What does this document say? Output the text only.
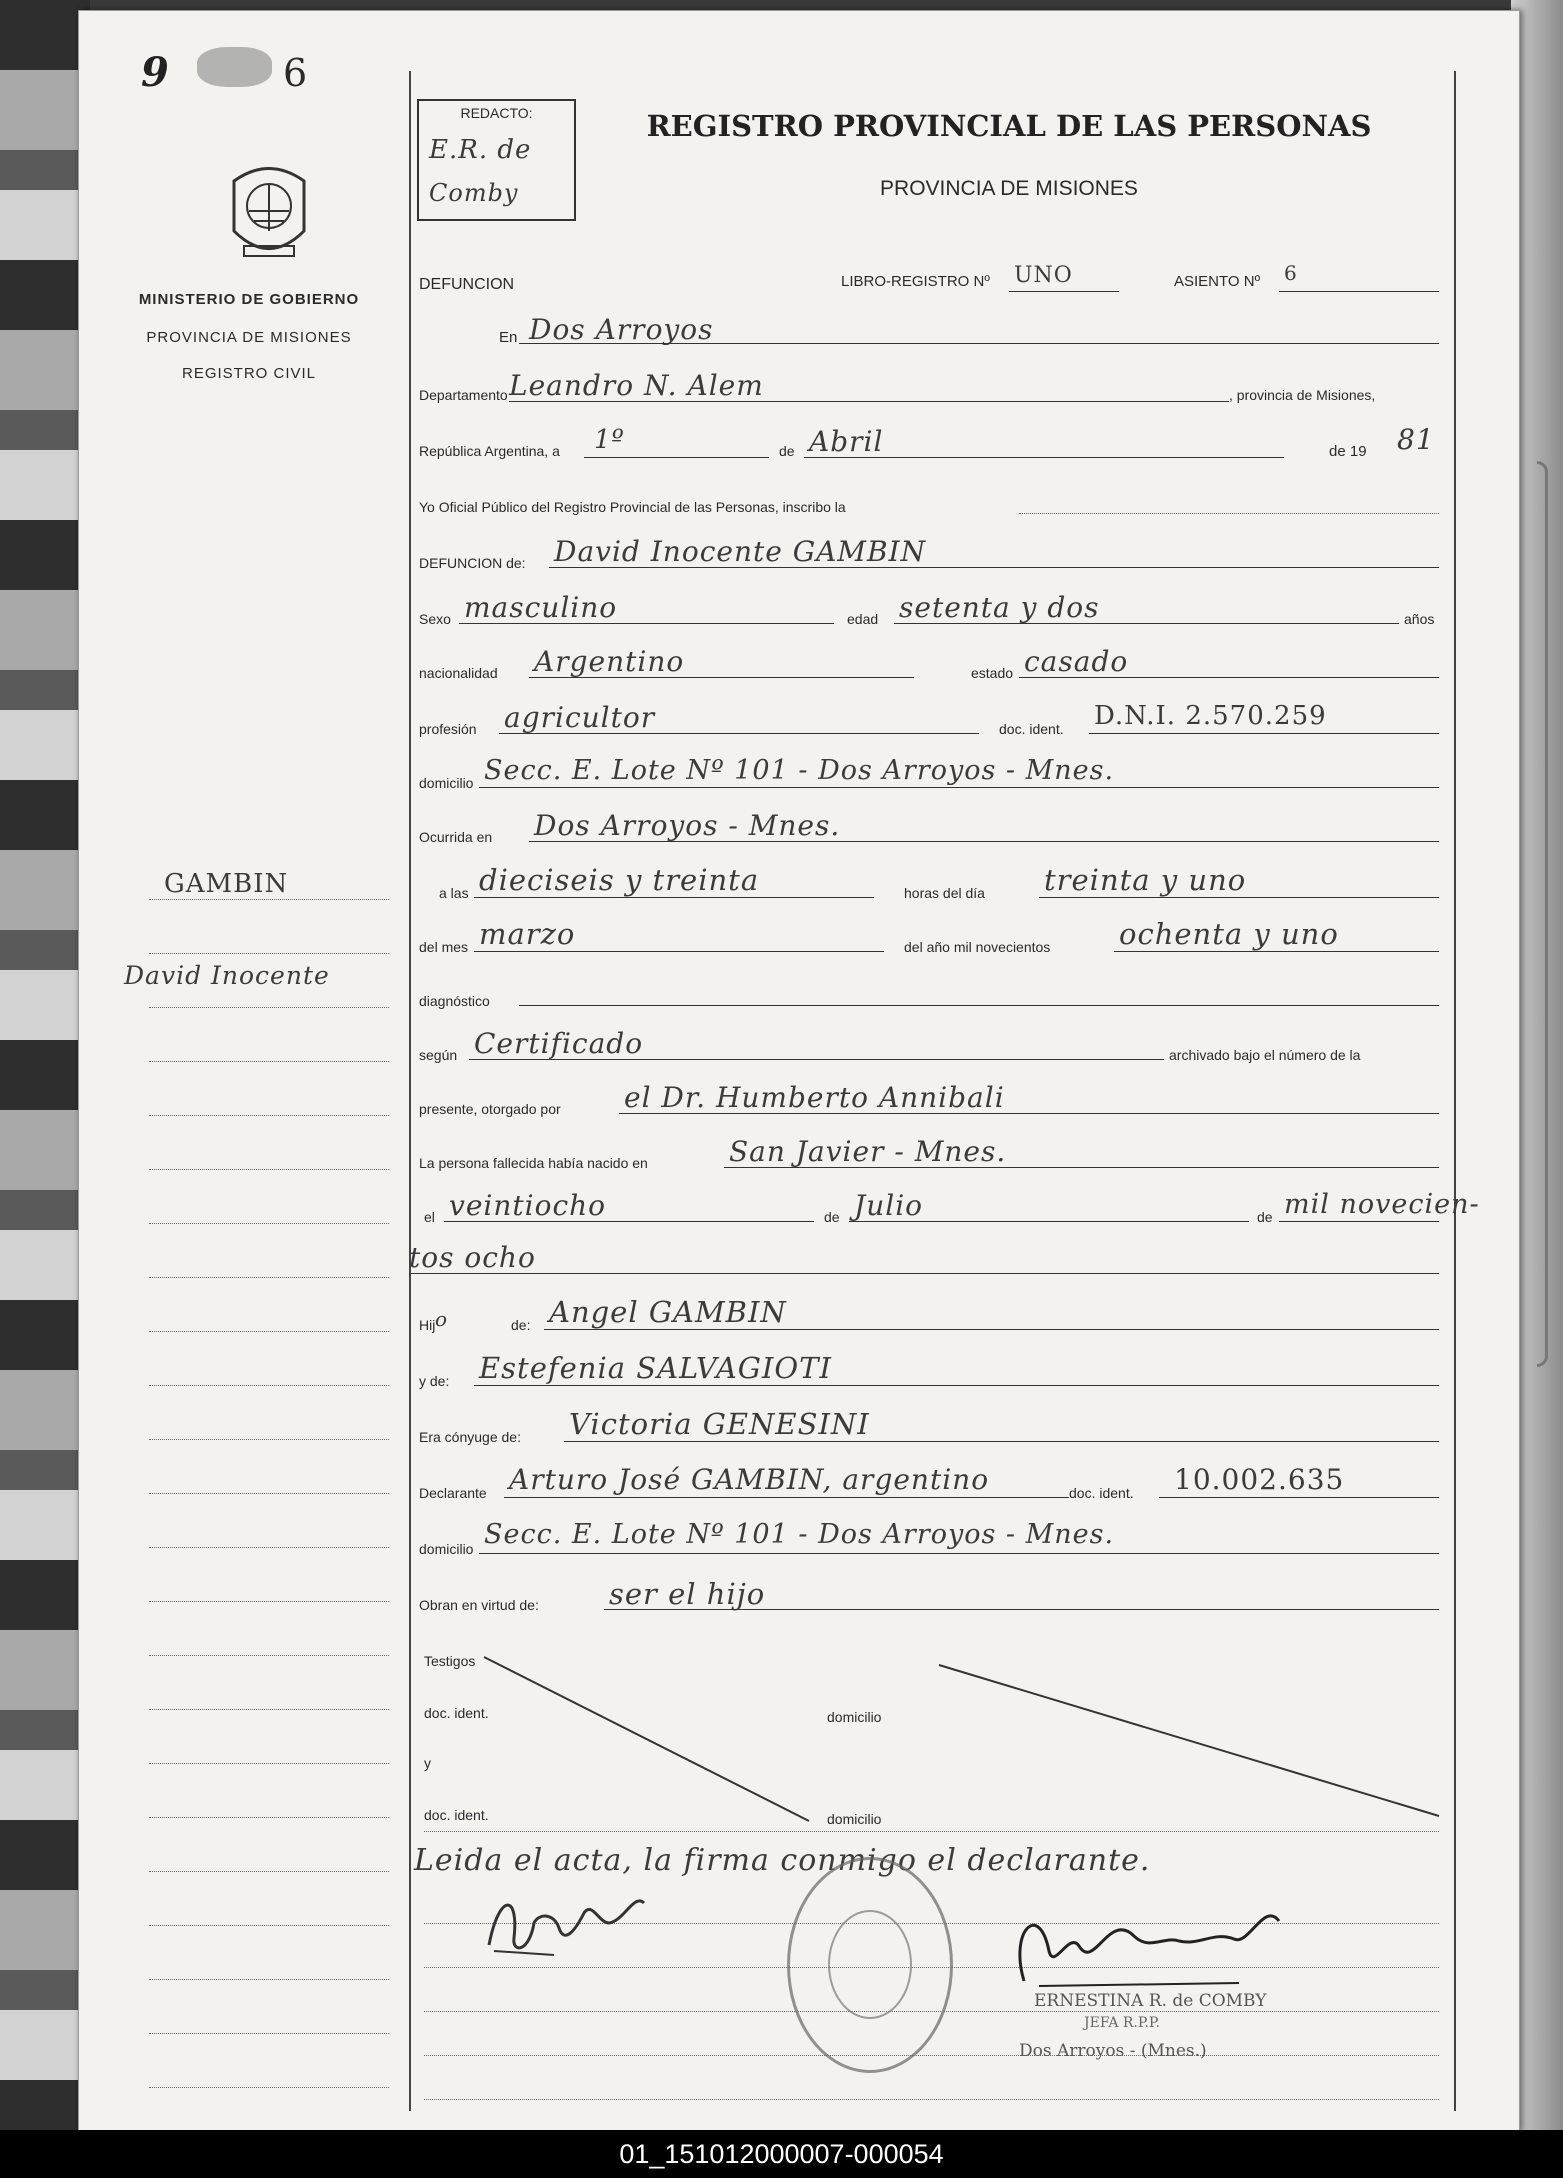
9	6
MINISTERIO DE GOBIERNO
PROVINCIA DE MISIONES
REGISTRO CIVIL
GAMBIN
David Inocente
REDACTO:
E.R. de
Comby
REGISTRO PROVINCIAL DE LAS PERSONAS
PROVINCIA DE MISIONES
DEFUNCION	LIBRO-REGISTRO Nº UNO	ASIENTO Nº 6
En Dos Arroyos
Departamento Leandro N. Alem	, provincia de Misiones,
República Argentina, a 1º	de Abril	de 19 81
Yo Oficial Público del Registro Provincial de las Personas, inscribo la
DEFUNCION de: David Inocente GAMBIN
Sexo masculino	edad setenta y dos	años
nacionalidad Argentino	estado casado
profesión agricultor	doc. ident. D.N.I. 2.570.259
domicilio Secc. E. Lote Nº 101 - Dos Arroyos - Mnes.
Ocurrida en Dos Arroyos - Mnes.
a las dieciseis y treinta	horas del día treinta y uno
del mes marzo	del año mil novecientos ochenta y uno
diagnóstico
según Certificado	archivado bajo el número de la
presente, otorgado por el Dr. Humberto Annibali
La persona fallecida había nacido en	San Javier - Mnes.
el veintiocho	de Julio	de mil novecien-
tos ocho
Hij o	de: Angel GAMBIN
y de: Estefenia SALVAGIOTI
Era cónyuge de: Victoria GENESINI
Declarante Arturo José GAMBIN, argentino	doc. ident. 10.002.635
domicilio Secc. E. Lote Nº 101 - Dos Arroyos - Mnes.
Obran en virtud de: ser el hijo
Testigos
doc. ident.	domicilio
y
doc. ident.	domicilio
Leida el acta, la firma conmigo el declarante.
ERNESTINA R. de COMBY
JEFA R.P.P.
Dos Arroyos - (Mnes.)
01_151012000007-000054
